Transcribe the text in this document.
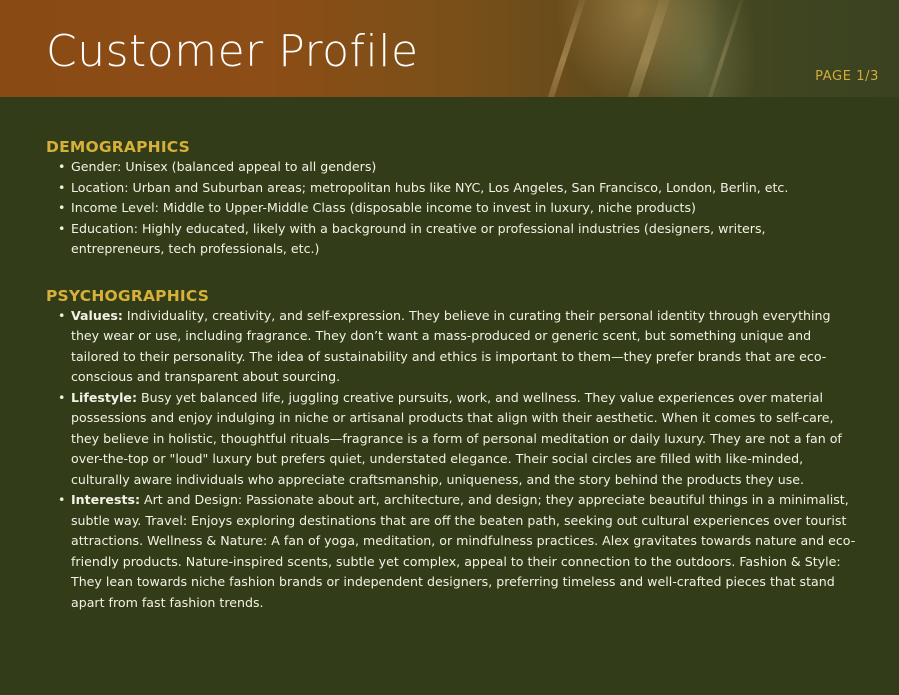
Customer Profile	PAGE 1/3
DEMOGRAPHICS
• Gender: Unisex (balanced appeal to all genders)
• Location: Urban and Suburban areas; metropolitan hubs like NYC, Los Angeles, San Francisco, London, Berlin, etc.
• Income Level: Middle to Upper-Middle Class (disposable income to invest in luxury, niche products)
• Education: Highly educated, likely with a background in creative or professional industries (designers, writers, entrepreneurs, tech professionals, etc.)
PSYCHOGRAPHICS
• Values: Individuality, creativity, and self-expression. They believe in curating their personal identity through everything they wear or use, including fragrance. They don’t want a mass-produced or generic scent, but something unique and tailored to their personality. The idea of sustainability and ethics is important to them—they prefer brands that are eco-conscious and transparent about sourcing.
• Lifestyle: Busy yet balanced life, juggling creative pursuits, work, and wellness. They value experiences over material possessions and enjoy indulging in niche or artisanal products that align with their aesthetic. When it comes to self-care, they believe in holistic, thoughtful rituals—fragrance is a form of personal meditation or daily luxury. They are not a fan of over-the-top or "loud" luxury but prefers quiet, understated elegance. Their social circles are filled with like-minded, culturally aware individuals who appreciate craftsmanship, uniqueness, and the story behind the products they use.
• Interests: Art and Design: Passionate about art, architecture, and design; they appreciate beautiful things in a minimalist, subtle way. Travel: Enjoys exploring destinations that are off the beaten path, seeking out cultural experiences over tourist attractions. Wellness & Nature: A fan of yoga, meditation, or mindfulness practices. Alex gravitates towards nature and eco-friendly products. Nature-inspired scents, subtle yet complex, appeal to their connection to the outdoors. Fashion & Style: They lean towards niche fashion brands or independent designers, preferring timeless and well-crafted pieces that stand apart from fast fashion trends.
